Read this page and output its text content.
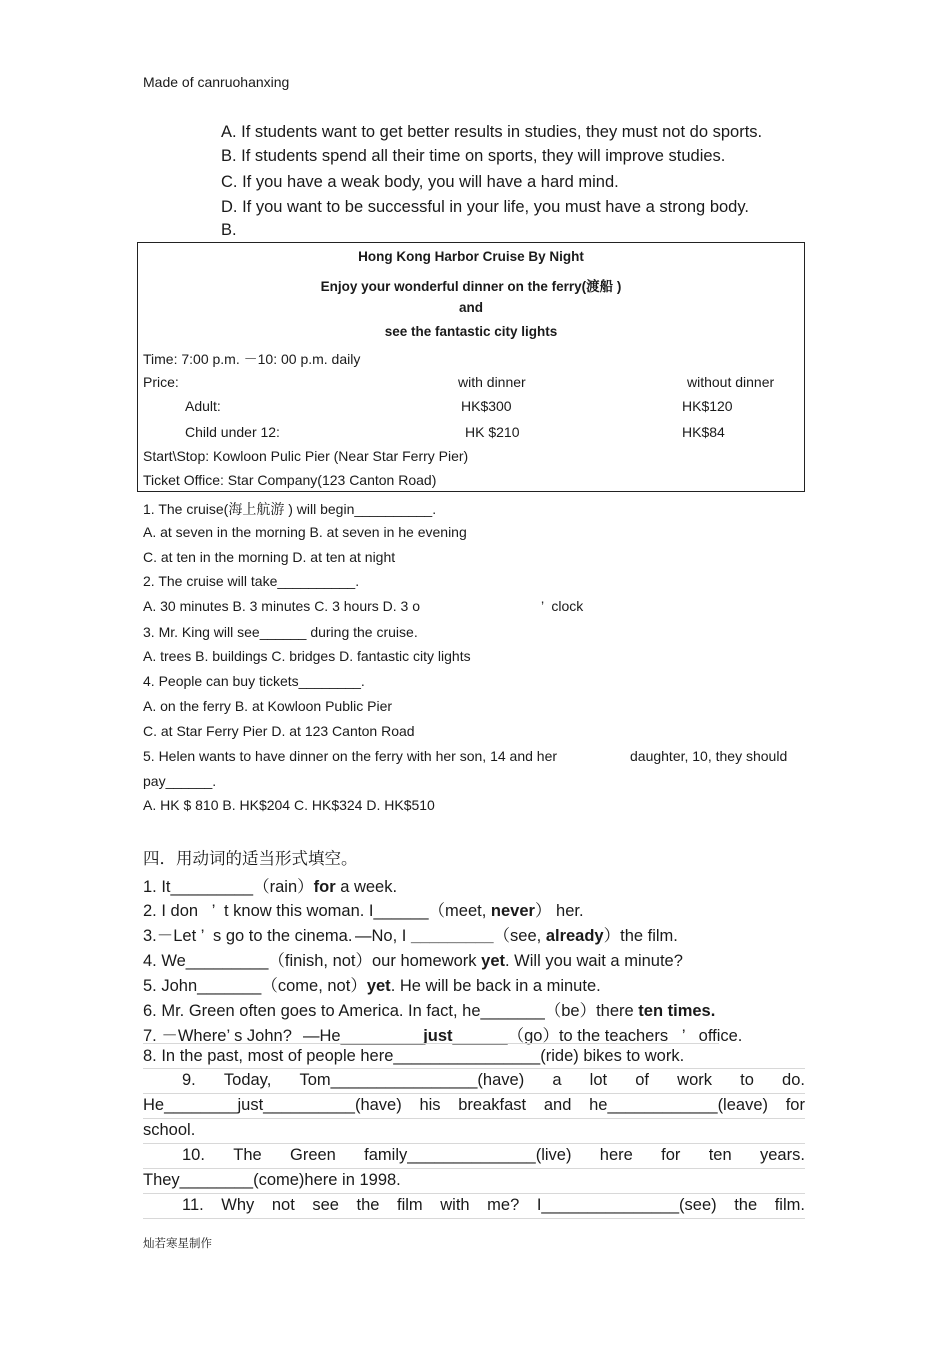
Made of canruohanxing
A. If students want to get better results in studies, they must not do sports.
B. If students spend all their time on sports, they will improve studies.
C. If you have a weak body, you will have a hard mind.
D. If you want to be successful in your life, you must have a strong body.
B.
Hong Kong Harbor Cruise By Night
Enjoy your wonderful dinner on the ferry(渡船 )
and
see the fantastic city lights
Time: 7:00 p.m. －10: 00 p.m. daily
Price:	with dinner	without dinner
Adult:	HK$300	HK$120
Child under 12:	HK $210	HK$84
Start\Stop: Kowloon Pulic Pier (Near Star Ferry Pier)
Ticket Office: Star Company(123 Canton Road)
1. The cruise(海上航游 ) will begin__________.
A. at seven in the morning B. at seven in he evening
C. at ten in the morning D. at ten at night
2. The cruise will take__________.
A. 30 minutes B. 3 minutes C. 3 hours D. 3 o	’  clock
3. Mr. King will see______ during the cruise.
A. trees B. buildings C. bridges D. fantastic city lights
4. People can buy tickets________.
A. on the ferry B. at Kowloon Public Pier
C. at Star Ferry Pier D. at 123 Canton Road
5. Helen wants to have dinner on the ferry with her son, 14 and her	daughter, 10, they should
pay______.
A. HK $ 810 B. HK$204 C. HK$324 D. HK$510
四．用动词的适当形式填空。
1. It_________（rain）for a week.
2. I don   ’  t know this woman. I______（meet, never） her.
3.－Let ’  s go to the cinema. —No, I _________（see, already）the film.
4. We_________（finish, not）our homework yet. Will you wait a minute?
5. John_______（come, not）yet. He will be back in a minute.
6. Mr. Green often goes to America. In fact, he_______（be）there ten times.
7. －Where’ s John? —He_________just______（go）to the teachers   ’   office.
8. In the past, most of people here________________(ride) bikes to work.
9. Today, Tom________________(have) a lot of work to do.
He________just__________(have) his breakfast and he____________(leave) for
school.
10. The Green family______________(live) here for ten years.
They________(come)here in 1998.
11. Why not see the film with me? I_______________(see) the film.
灿若寒星制作
